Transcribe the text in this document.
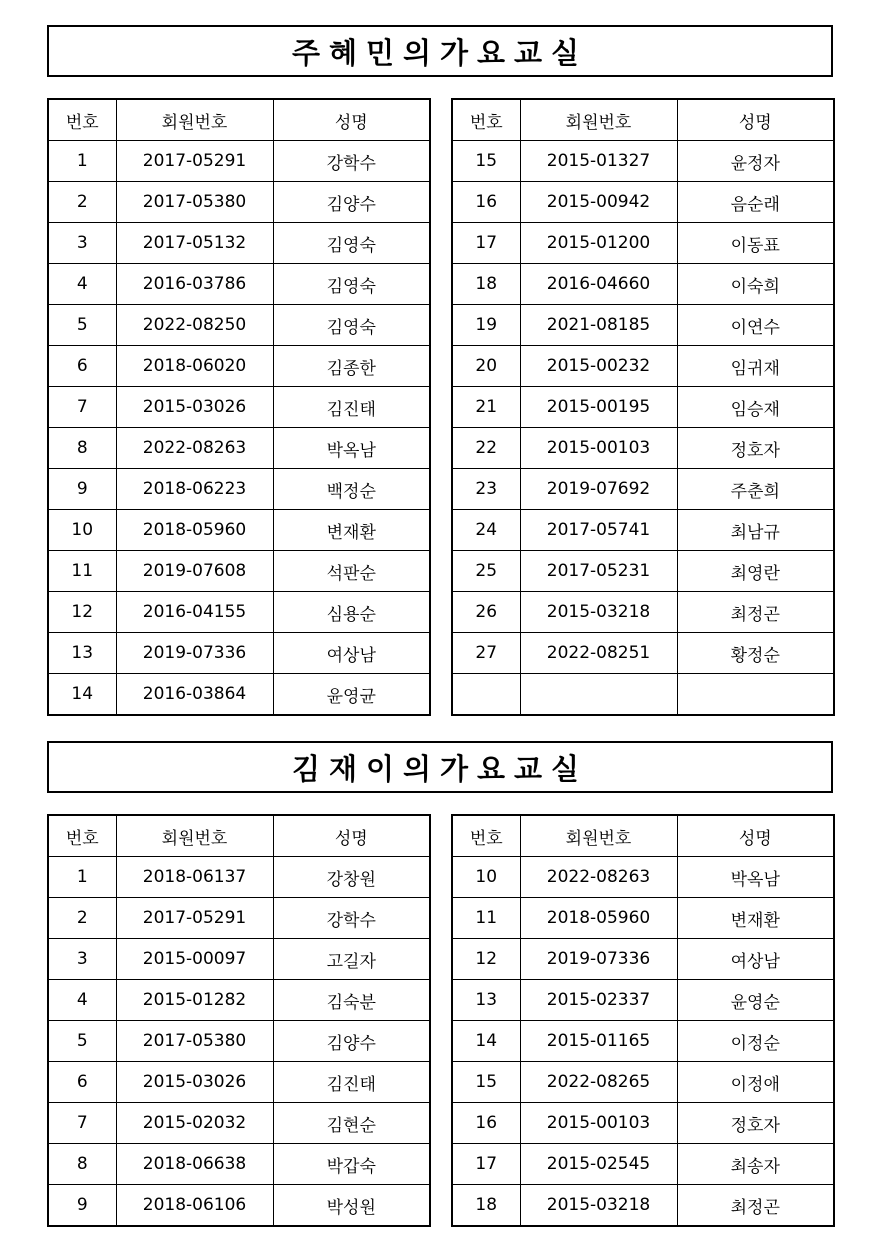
주혜민의가요교실
번호	회원번호	성명
1	2017-05291	강학수
2	2017-05380	김양수
3	2017-05132	김영숙
4	2016-03786	김영숙
5	2022-08250	김영숙
6	2018-06020	김종한
7	2015-03026	김진태
8	2022-08263	박옥남
9	2018-06223	백정순
10	2018-05960	변재환
11	2019-07608	석판순
12	2016-04155	심용순
13	2019-07336	여상남
14	2016-03864	윤영균
번호	회원번호	성명
15	2015-01327	윤정자
16	2015-00942	음순래
17	2015-01200	이동표
18	2016-04660	이숙희
19	2021-08185	이연수
20	2015-00232	임귀재
21	2015-00195	임승재
22	2015-00103	정호자
23	2019-07692	주춘희
24	2017-05741	최남규
25	2017-05231	최영란
26	2015-03218	최정곤
27	2022-08251	황정순

김재이의가요교실
번호	회원번호	성명
1	2018-06137	강창원
2	2017-05291	강학수
3	2015-00097	고길자
4	2015-01282	김숙분
5	2017-05380	김양수
6	2015-03026	김진태
7	2015-02032	김현순
8	2018-06638	박갑숙
9	2018-06106	박성원
번호	회원번호	성명
10	2022-08263	박옥남
11	2018-05960	변재환
12	2019-07336	여상남
13	2015-02337	윤영순
14	2015-01165	이정순
15	2022-08265	이정애
16	2015-00103	정호자
17	2015-02545	최송자
18	2015-03218	최정곤
